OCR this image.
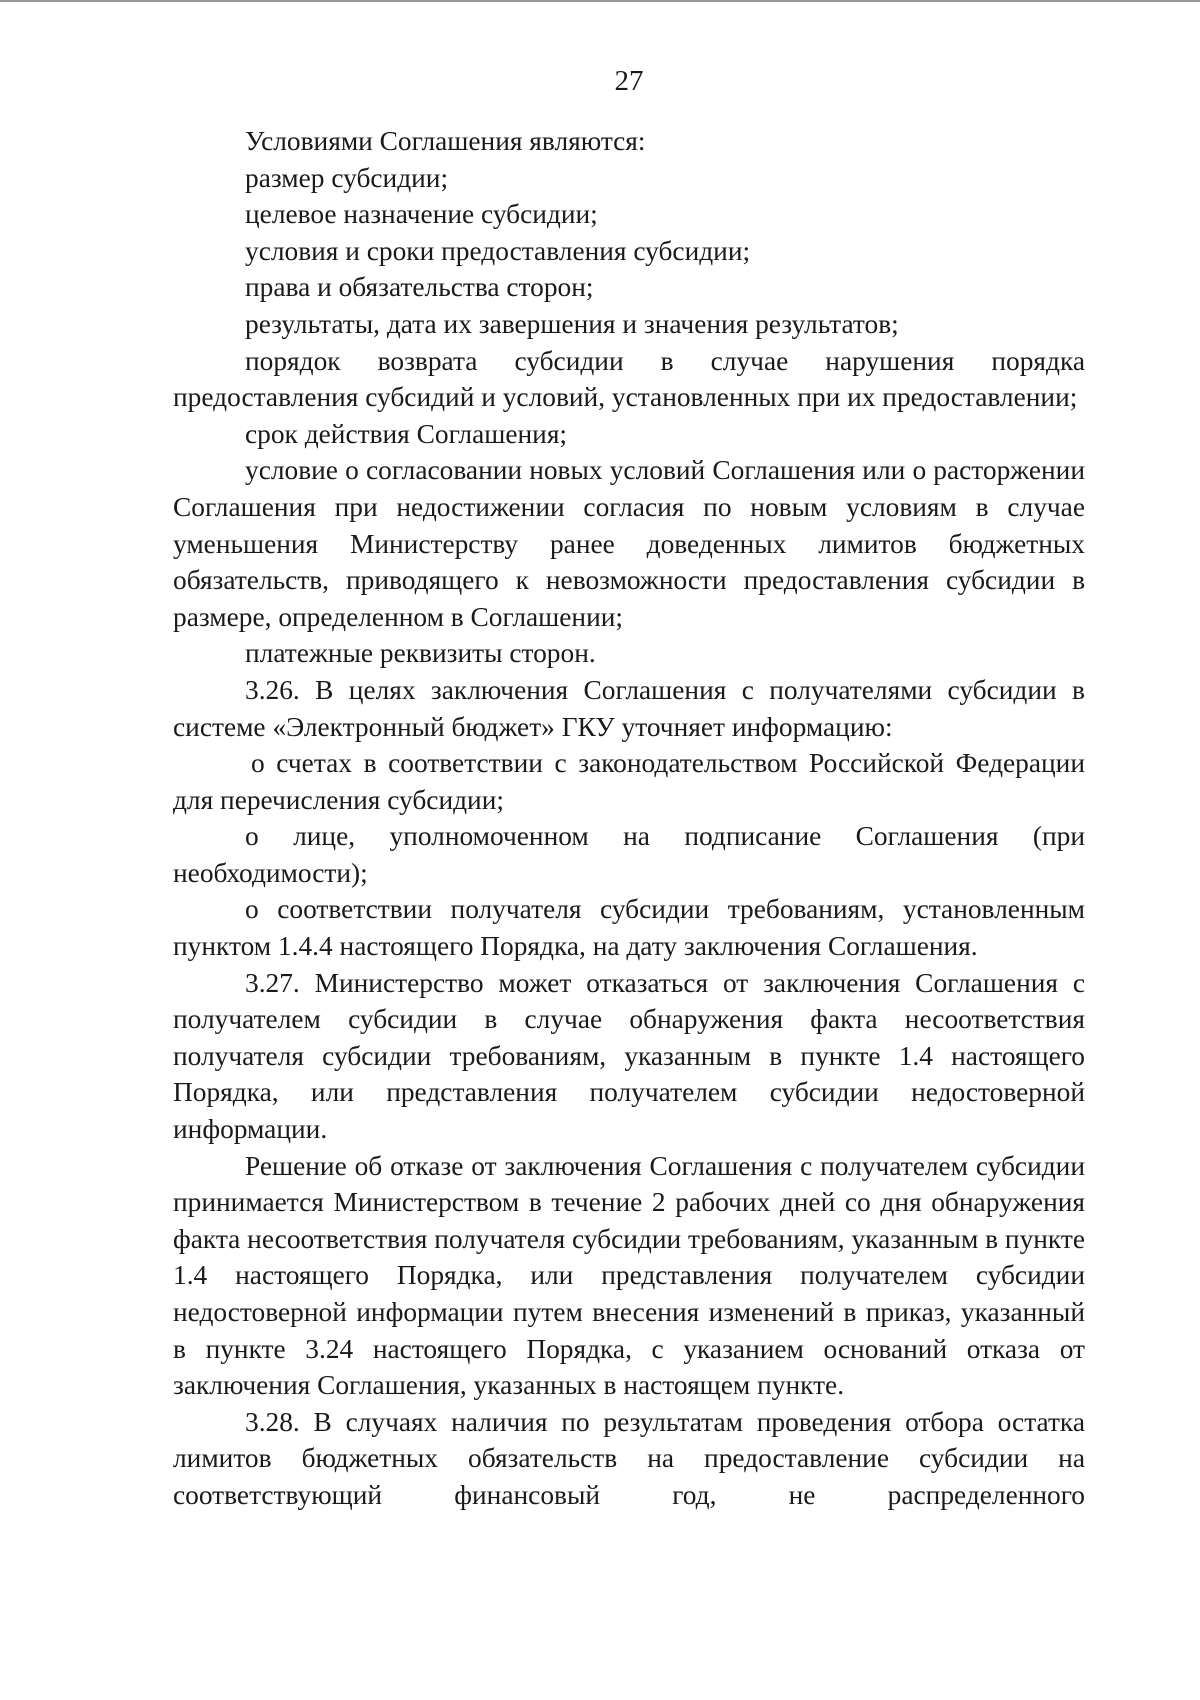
27

Условиями Соглашения являются:

размер субсидии;

целевое назначение субсидии;

условия и сроки предоставления субсидии;

права и обязательства сторон;

результаты, дата их завершения и значения результатов;

порядок возврата субсидии в случае нарушения порядка предоставления субсидий и условий, установленных при их предоставлении;

срок действия Соглашения;

условие о согласовании новых условий Соглашения или о расторжении Соглашения при недостижении согласия по новым условиям в случае уменьшения Министерству ранее доведенных лимитов бюджетных обязательств, приводящего к невозможности предоставления субсидии в размере, определенном в Соглашении;

платежные реквизиты сторон.

3.26. В целях заключения Соглашения с получателями субсидии в системе «Электронный бюджет» ГКУ уточняет информацию:

о счетах в соответствии с законодательством Российской Федерации для перечисления субсидии;

о лице, уполномоченном на подписание Соглашения (при необходимости);

о соответствии получателя субсидии требованиям, установленным пунктом 1.4.4 настоящего Порядка, на дату заключения Соглашения.

3.27. Министерство может отказаться от заключения Соглашения с получателем субсидии в случае обнаружения факта несоответствия получателя субсидии требованиям, указанным в пункте 1.4 настоящего Порядка, или представления получателем субсидии недостоверной информации.

Решение об отказе от заключения Соглашения с получателем субсидии принимается Министерством в течение 2 рабочих дней со дня обнаружения факта несоответствия получателя субсидии требованиям, указанным в пункте 1.4 настоящего Порядка, или представления получателем субсидии недостоверной информации путем внесения изменений в приказ, указанный в пункте 3.24 настоящего Порядка, с указанием оснований отказа от заключения Соглашения, указанных в настоящем пункте.

3.28. В случаях наличия по результатам проведения отбора остатка лимитов бюджетных обязательств на предоставление субсидии на соответствующий финансовый год, не распределенного
